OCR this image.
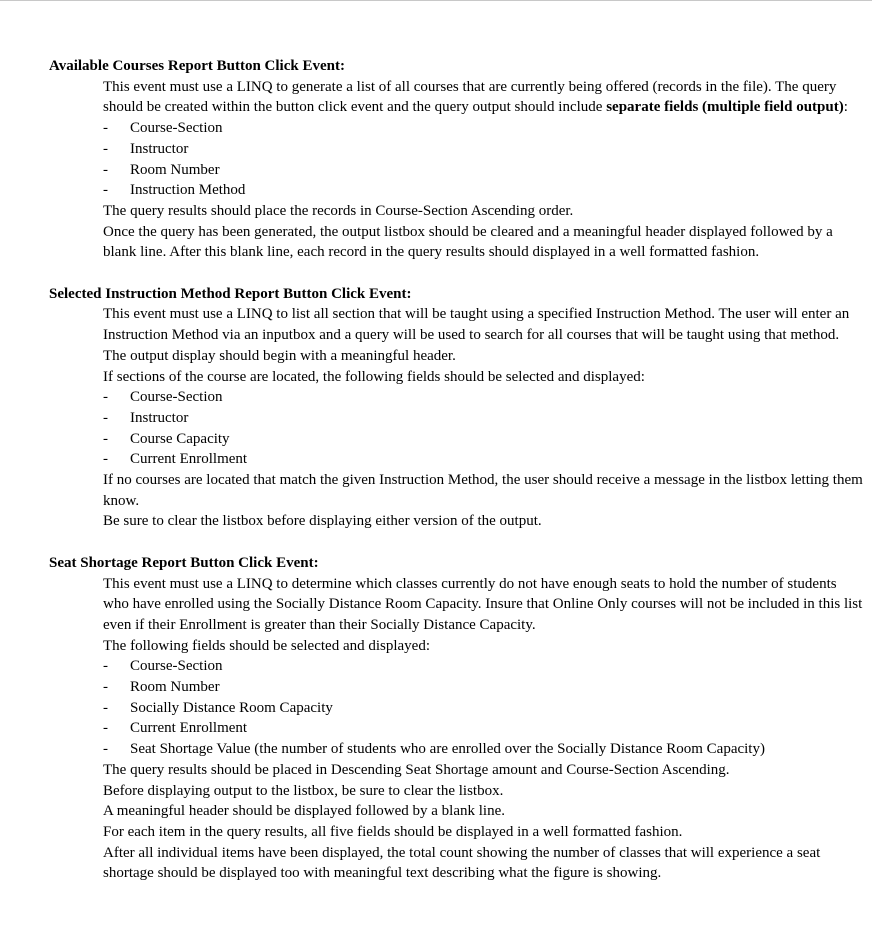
Available Courses Report Button Click Event:

This event must use a LINQ to generate a list of all courses that are currently being offered (records in the file). The query should be created within the button click event and the query output should include separate fields (multiple field output):

- Course-Section
- Instructor
- Room Number
- Instruction Method

The query results should place the records in Course-Section Ascending order.

Once the query has been generated, the output listbox should be cleared and a meaningful header displayed followed by a blank line. After this blank line, each record in the query results should displayed in a well formatted fashion.

Selected Instruction Method Report Button Click Event:

This event must use a LINQ to list all section that will be taught using a specified Instruction Method. The user will enter an Instruction Method via an inputbox and a query will be used to search for all courses that will be taught using that method.

The output display should begin with a meaningful header.

If sections of the course are located, the following fields should be selected and displayed:

- Course-Section
- Instructor
- Course Capacity
- Current Enrollment

If no courses are located that match the given Instruction Method, the user should receive a message in the listbox letting them know.

Be sure to clear the listbox before displaying either version of the output.

Seat Shortage Report Button Click Event:

This event must use a LINQ to determine which classes currently do not have enough seats to hold the number of students who have enrolled using the Socially Distance Room Capacity. Insure that Online Only courses will not be included in this list even if their Enrollment is greater than their Socially Distance Capacity.

The following fields should be selected and displayed:

- Course-Section
- Room Number
- Socially Distance Room Capacity
- Current Enrollment
- Seat Shortage Value (the number of students who are enrolled over the Socially Distance Room Capacity)

The query results should be placed in Descending Seat Shortage amount and Course-Section Ascending.

Before displaying output to the listbox, be sure to clear the listbox.

A meaningful header should be displayed followed by a blank line.

For each item in the query results, all five fields should be displayed in a well formatted fashion.

After all individual items have been displayed, the total count showing the number of classes that will experience a seat shortage should be displayed too with meaningful text describing what the figure is showing.
